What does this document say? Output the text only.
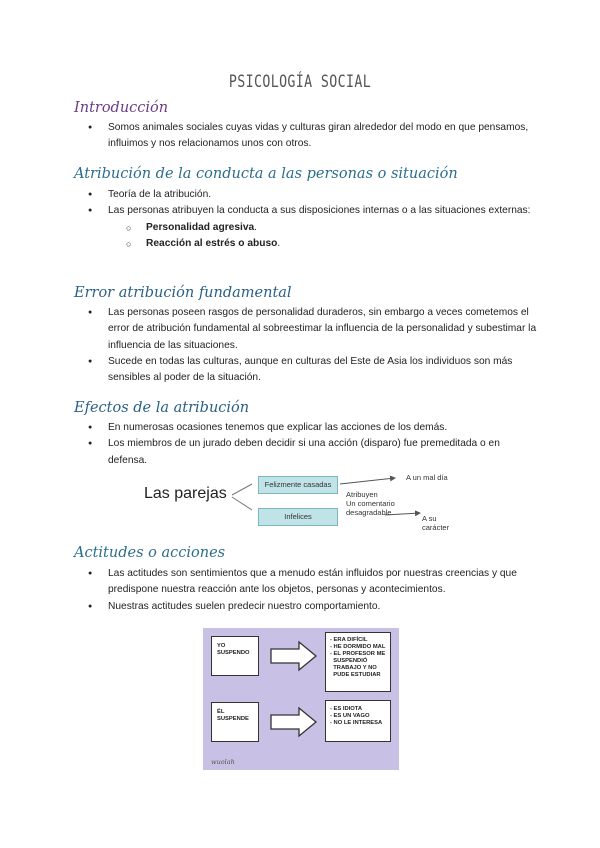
PSICOLOGÍA SOCIAL
Introducción
● Somos animales sociales cuyas vidas y culturas giran alrededor del modo en que pensamos, influimos y nos relacionamos unos con otros.
Atribución de la conducta a las personas o situación
● Teoría de la atribución.
● Las personas atribuyen la conducta a sus disposiciones internas o a las situaciones externas:
○ Personalidad agresiva.
○ Reacción al estrés o abuso.
Error atribución fundamental
● Las personas poseen rasgos de personalidad duraderos, sin embargo a veces cometemos el error de atribución fundamental al sobreestimar la influencia de la personalidad y subestimar la influencia de las situaciones.
● Sucede en todas las culturas, aunque en culturas del Este de Asia los individuos son más sensibles al poder de la situación.
Efectos de la atribución
● En numerosas ocasiones tenemos que explicar las acciones de los demás.
● Los miembros de un jurado deben decidir si una acción (disparo) fue premeditada o en defensa.
Las parejas
Felizmente casadas
Infelices
Atribuyen
Un comentario
desagradable
A un mal día
A su
carácter
Actitudes o acciones
● Las actitudes son sentimientos que a menudo están influidos por nuestras creencias y que predispone nuestra reacción ante los objetos, personas y acontecimientos.
● Nuestras actitudes suelen predecir nuestro comportamiento.
YO
SUSPENDO
- ERA DIFÍCIL
- HE DORMIDO MAL
- EL PROFESOR ME
SUSPENDIÓ
TRABAJO Y NO
PUDE ESTUDIAR
ÉL
SUSPENDE
- ES IDIOTA
- ES UN VAGO
- NO LE INTERESA
wuolah
